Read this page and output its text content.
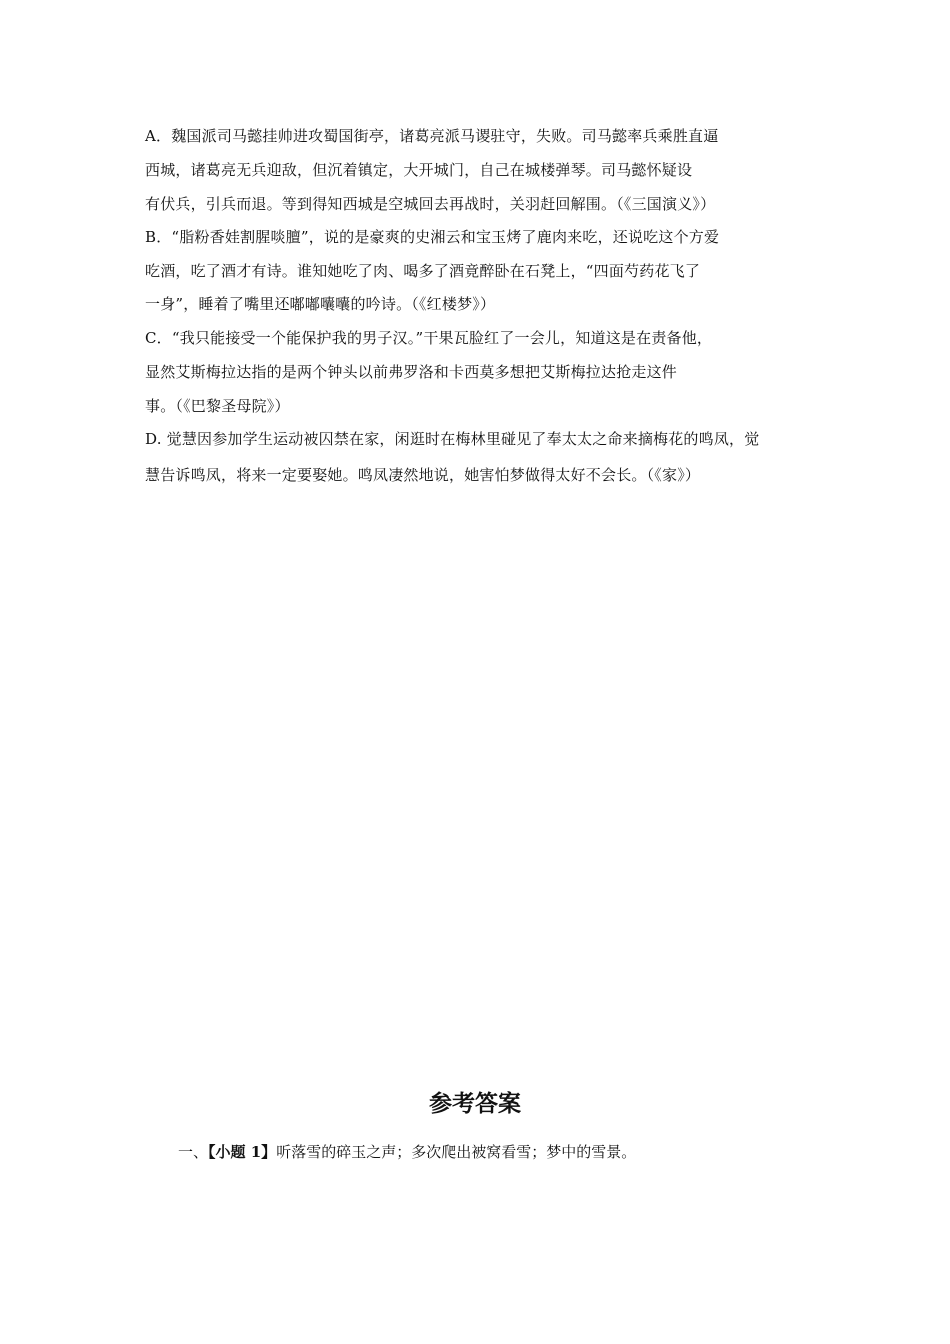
A．魏国派司马懿挂帅进攻蜀国街亭，诸葛亮派马谡驻守，失败。司马懿率兵乘胜直逼
西城，诸葛亮无兵迎敌，但沉着镇定，大开城门，自己在城楼弹琴。司马懿怀疑设
有伏兵，引兵而退。等到得知西城是空城回去再战时，关羽赶回解围。（《三国演义》）
B．“脂粉香娃割腥啖膻”，说的是豪爽的史湘云和宝玉烤了鹿肉来吃，还说吃这个方爱
吃酒，吃了酒才有诗。谁知她吃了肉、喝多了酒竟醉卧在石凳上，“四面芍药花飞了
一身”，睡着了嘴里还嘟嘟囔囔的吟诗。（《红楼梦》）
C．“我只能接受一个能保护我的男子汉。”干果瓦脸红了一会儿，知道这是在责备他，
显然艾斯梅拉达指的是两个钟头以前弗罗洛和卡西莫多想把艾斯梅拉达抢走这件
事。（《巴黎圣母院》）
D. 觉慧因参加学生运动被囚禁在家，闲逛时在梅林里碰见了奉太太之命来摘梅花的鸣凤，觉
慧告诉鸣凤，将来一定要娶她。鸣凤凄然地说，她害怕梦做得太好不会长。（《家》）
参考答案
一、【小题 1】听落雪的碎玉之声；多次爬出被窝看雪；梦中的雪景。
